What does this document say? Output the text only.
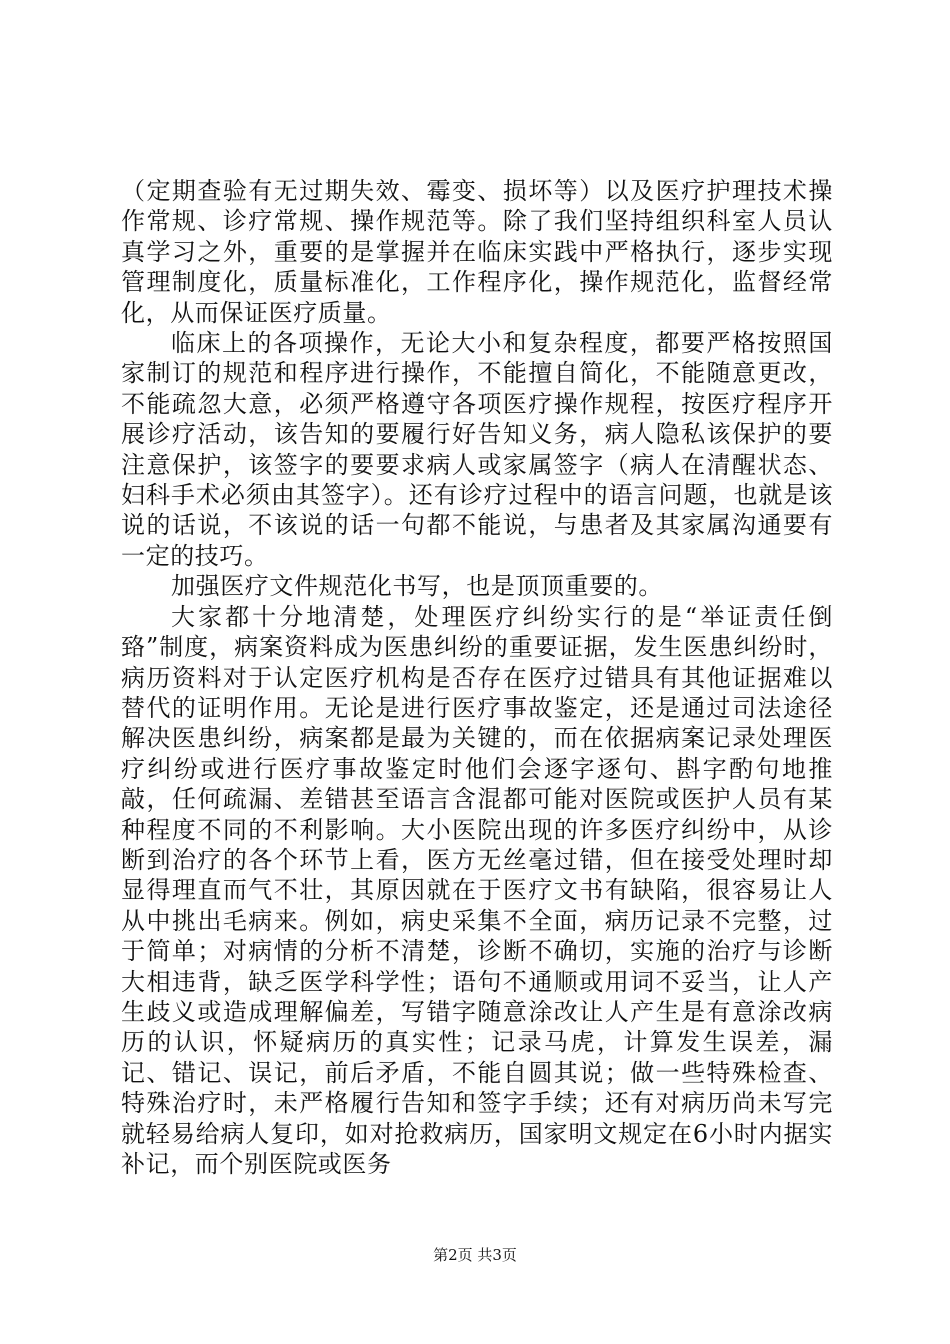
（定期查验有无过期失效、霉变、损坏等）以及医疗护理技术操作常规、诊疗常规、操作规范等。除了我们坚持组织科室人员认真学习之外，重要的是掌握并在临床实践中严格执行，逐步实现管理制度化，质量标准化，工作程序化，操作规范化，监督经常化，从而保证医疗质量。

临床上的各项操作，无论大小和复杂程度，都要严格按照国家制订的规范和程序进行操作，不能擅自简化，不能随意更改，不能疏忽大意，必须严格遵守各项医疗操作规程，按医疗程序开展诊疗活动，该告知的要履行好告知义务，病人隐私该保护的要注意保护，该签字的要要求病人或家属签字（病人在清醒状态、妇科手术必须由其签字）。还有诊疗过程中的语言问题，也就是该说的话说，不该说的话一句都不能说，与患者及其家属沟通要有一定的技巧。

加强医疗文件规范化书写，也是顶顶重要的。

大家都十分地清楚，处理医疗纠纷实行的是“举证责任倒臵”制度，病案资料成为医患纠纷的重要证据，发生医患纠纷时，病历资料对于认定医疗机构是否存在医疗过错具有其他证据难以替代的证明作用。无论是进行医疗事故鉴定，还是通过司法途径解决医患纠纷，病案都是最为关键的，而在依据病案记录处理医疗纠纷或进行医疗事故鉴定时他们会逐字逐句、斟字酌句地推敲，任何疏漏、差错甚至语言含混都可能对医院或医护人员有某种程度不同的不利影响。大小医院出现的许多医疗纠纷中，从诊断到治疗的各个环节上看，医方无丝毫过错，但在接受处理时却显得理直而气不壮，其原因就在于医疗文书有缺陷，很容易让人从中挑出毛病来。例如，病史采集不全面，病历记录不完整，过于简单；对病情的分析不清楚，诊断不确切，实施的治疗与诊断大相违背，缺乏医学科学性；语句不通顺或用词不妥当，让人产生歧义或造成理解偏差，写错字随意涂改让人产生是有意涂改病历的认识，怀疑病历的真实性；记录马虎，计算发生误差，漏记、错记、误记，前后矛盾，不能自圆其说；做一些特殊检查、特殊治疗时，未严格履行告知和签字手续；还有对病历尚未写完就轻易给病人复印，如对抢救病历，国家明文规定在6小时内据实补记，而个别医院或医务

第2页 共3页
